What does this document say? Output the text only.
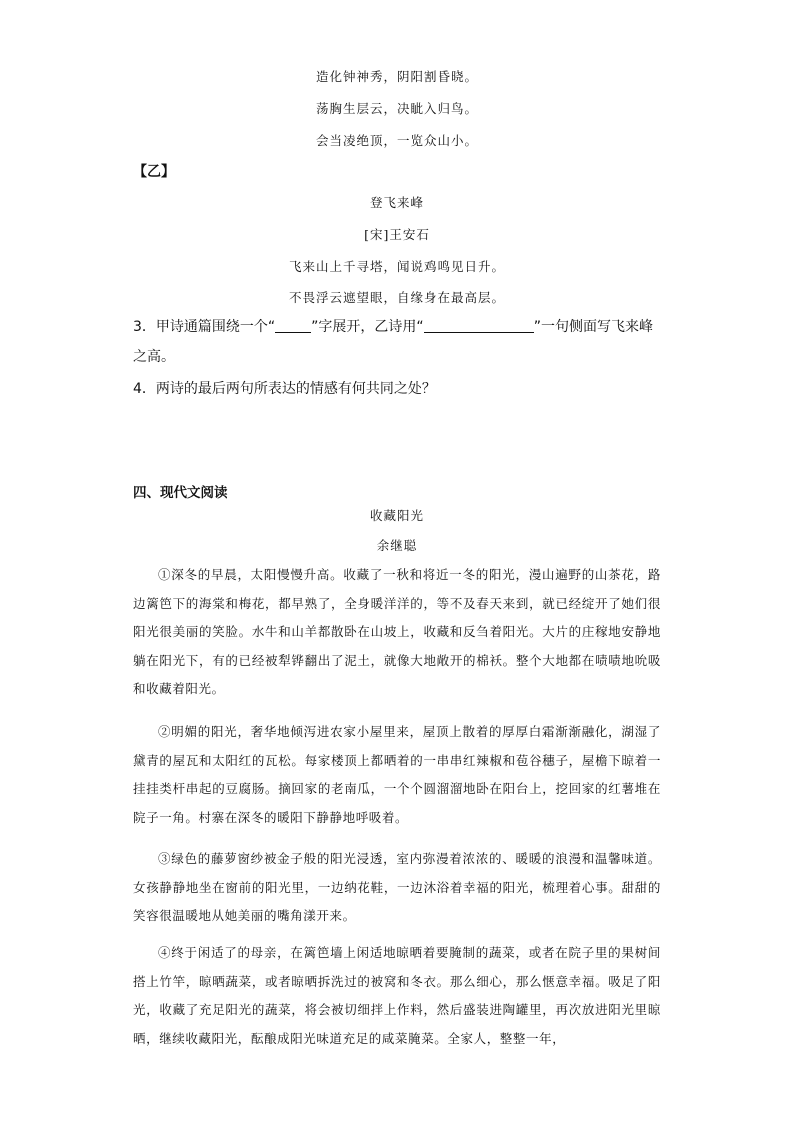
造化钟神秀，阴阳割昏晓。
荡胸生层云，决眦入归鸟。
会当凌绝顶，一览众山小。
【乙】
登飞来峰
[宋]王安石
飞来山上千寻塔，闻说鸡鸣见日升。
不畏浮云遮望眼，自缘身在最高层。
3．甲诗通篇围绕一个“	”字展开，乙诗用“	”一句侧面写飞来峰之高。
4．两诗的最后两句所表达的情感有何共同之处？
四、现代文阅读
收藏阳光
余继聪

①深冬的早晨，太阳慢慢升高。收藏了一秋和将近一冬的阳光，漫山遍野的山茶花，路边篱笆下的海棠和梅花，都早熟了，全身暖洋洋的，等不及春天来到，就已经绽开了她们很阳光很美丽的笑脸。水牛和山羊都散卧在山坡上，收藏和反刍着阳光。大片的庄稼地安静地躺在阳光下，有的已经被犁铧翻出了泥土，就像大地敞开的棉袄。整个大地都在啧啧地吮吸和收藏着阳光。

②明媚的阳光，奢华地倾泻进农家小屋里来，屋顶上散着的厚厚白霜渐渐融化，湖湿了黛青的屋瓦和太阳红的瓦松。每家楼顶上都晒着的一串串红辣椒和苞谷穗子，屋檐下晾着一挂挂类杆串起的豆腐肠。摘回家的老南瓜，一个个圆溜溜地卧在阳台上，挖回家的红薯堆在院子一角。村寨在深冬的暖阳下静静地呼吸着。

③绿色的藤萝窗纱被金子般的阳光浸透，室内弥漫着浓浓的、暖暖的浪漫和温馨味道。女孩静静地坐在窗前的阳光里，一边纳花鞋，一边沐浴着幸福的阳光，梳理着心事。甜甜的笑容很温暖地从她美丽的嘴角漾开来。

④终于闲适了的母亲，在篱笆墙上闲适地晾晒着要腌制的蔬菜，或者在院子里的果树间搭上竹竿，晾晒蔬菜，或者晾晒拆洗过的被窝和冬衣。那么细心，那么惬意幸福。吸足了阳光，收藏了充足阳光的蔬菜，将会被切细拌上作料，然后盛装进陶罐里，再次放进阳光里晾晒，继续收藏阳光，酝酿成阳光味道充足的咸菜腌菜。全家人，整整一年，
